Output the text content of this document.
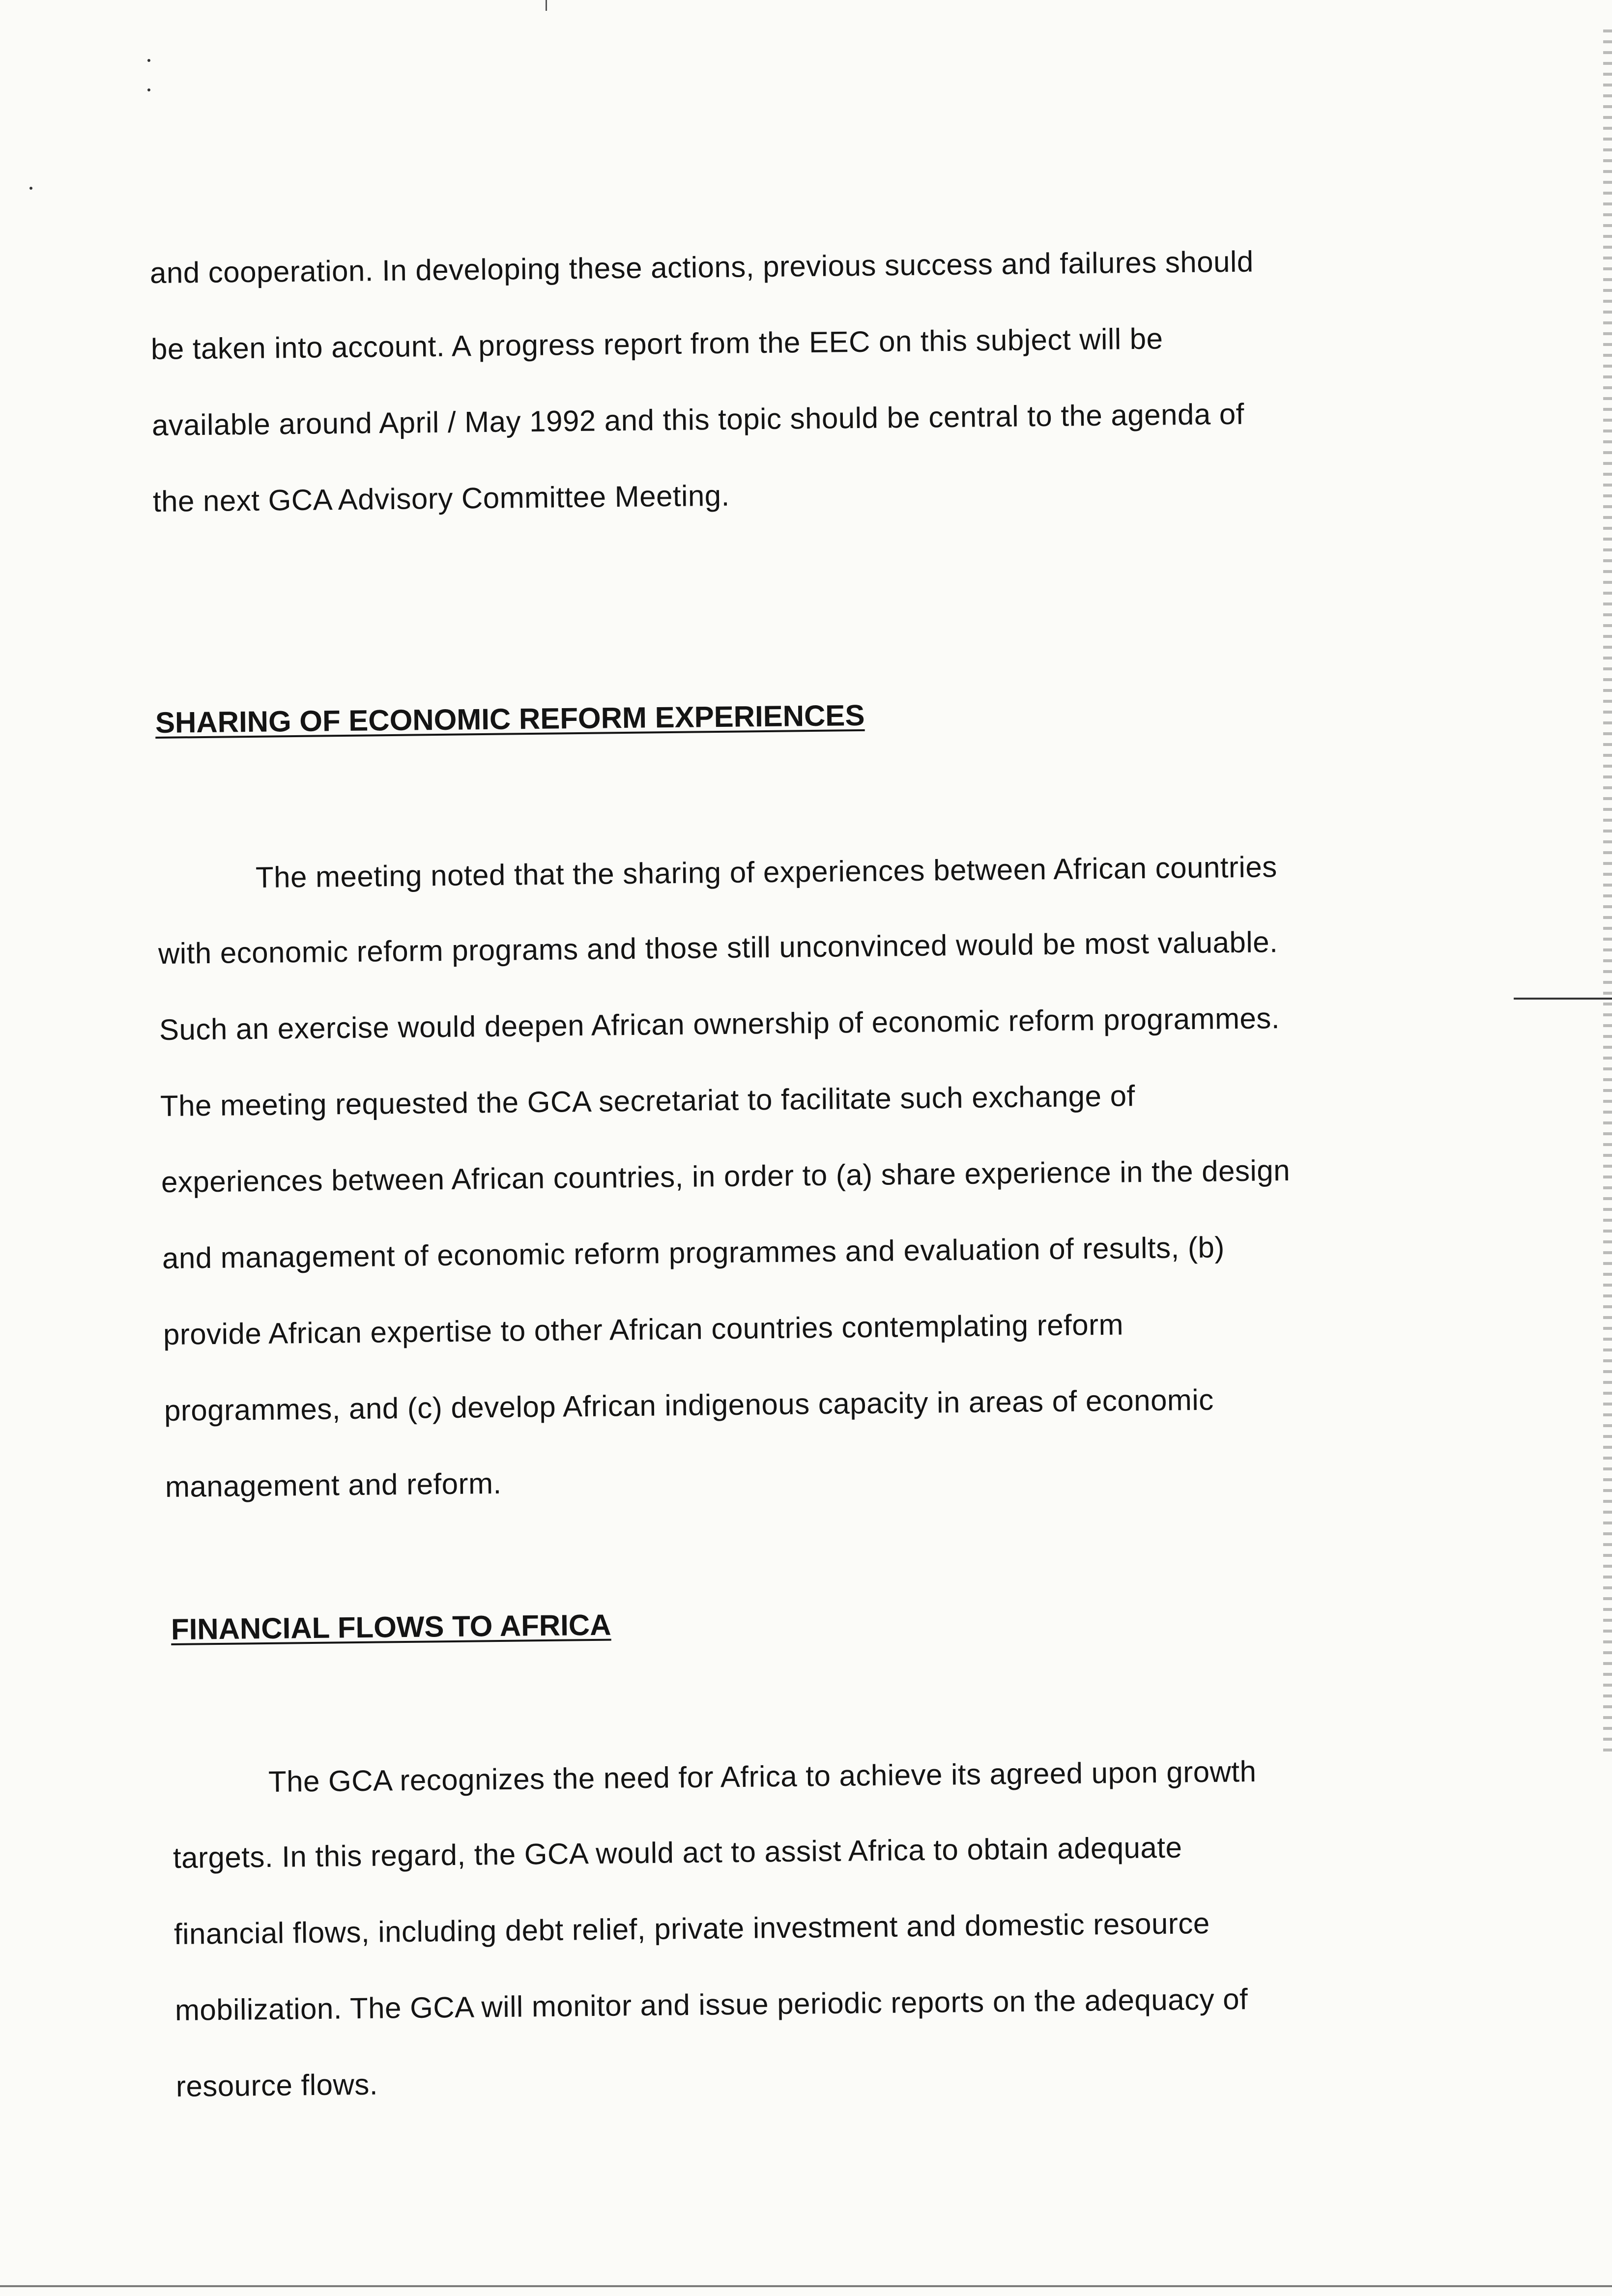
and cooperation. In developing these actions, previous success and failures should
be taken into account. A progress report from the EEC on this subject will be
available around April / May 1992 and this topic should be central to the agenda of
the next GCA Advisory Committee Meeting.
SHARING OF ECONOMIC REFORM EXPERIENCES
The meeting noted that the sharing of experiences between African countries
with economic reform programs and those still unconvinced would be most valuable.
Such an exercise would deepen African ownership of economic reform programmes.
The meeting requested the GCA secretariat to facilitate such exchange of
experiences between African countries, in order to (a) share experience in the design
and management of economic reform programmes and evaluation of results, (b)
provide African expertise to other African countries contemplating reform
programmes, and (c) develop African indigenous capacity in areas of economic
management and reform.
FINANCIAL FLOWS TO AFRICA
The GCA recognizes the need for Africa to achieve its agreed upon growth
targets. In this regard, the GCA would act to assist Africa to obtain adequate
financial flows, including debt relief, private investment and domestic resource
mobilization. The GCA will monitor and issue periodic reports on the adequacy of
resource flows.
